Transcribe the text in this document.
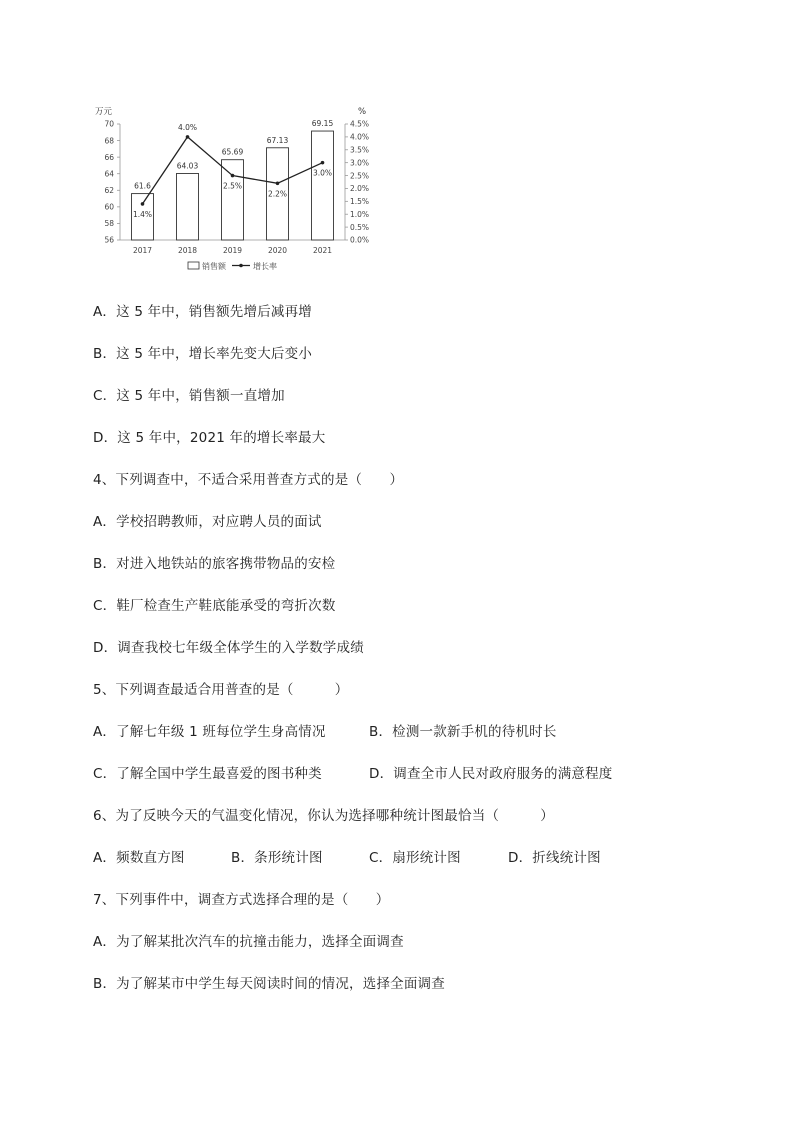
万元	%
56
58
60
62
64
66
68
70
0.0%
0.5%
1.0%
1.5%
2.0%
2.5%
3.0%
3.5%
4.0%
4.5%
61.6
64.03
65.69
67.13
69.15
2017	2018	2019	2020	2021
1.4%
4.0%
2.5%
2.2%
3.0%
销售额	增长率
A．这 5 年中，销售额先增后减再增
B．这 5 年中，增长率先变大后变小
C．这 5 年中，销售额一直增加
D．这 5 年中，2021 年的增长率最大
4、下列调查中，不适合采用普查方式的是（　　）
A．学校招聘教师，对应聘人员的面试
B．对进入地铁站的旅客携带物品的安检
C．鞋厂检查生产鞋底能承受的弯折次数
D．调查我校七年级全体学生的入学数学成绩
5、下列调查最适合用普查的是（　　　）
A．了解七年级 1 班每位学生身高情况	B．检测一款新手机的待机时长
C．了解全国中学生最喜爱的图书种类	D．调查全市人民对政府服务的满意程度
6、为了反映今天的气温变化情况，你认为选择哪种统计图最恰当（　　　）
A．频数直方图	B．条形统计图	C．扇形统计图	D．折线统计图
7、下列事件中，调查方式选择合理的是（　　）
A．为了解某批次汽车的抗撞击能力，选择全面调查
B．为了解某市中学生每天阅读时间的情况，选择全面调查
